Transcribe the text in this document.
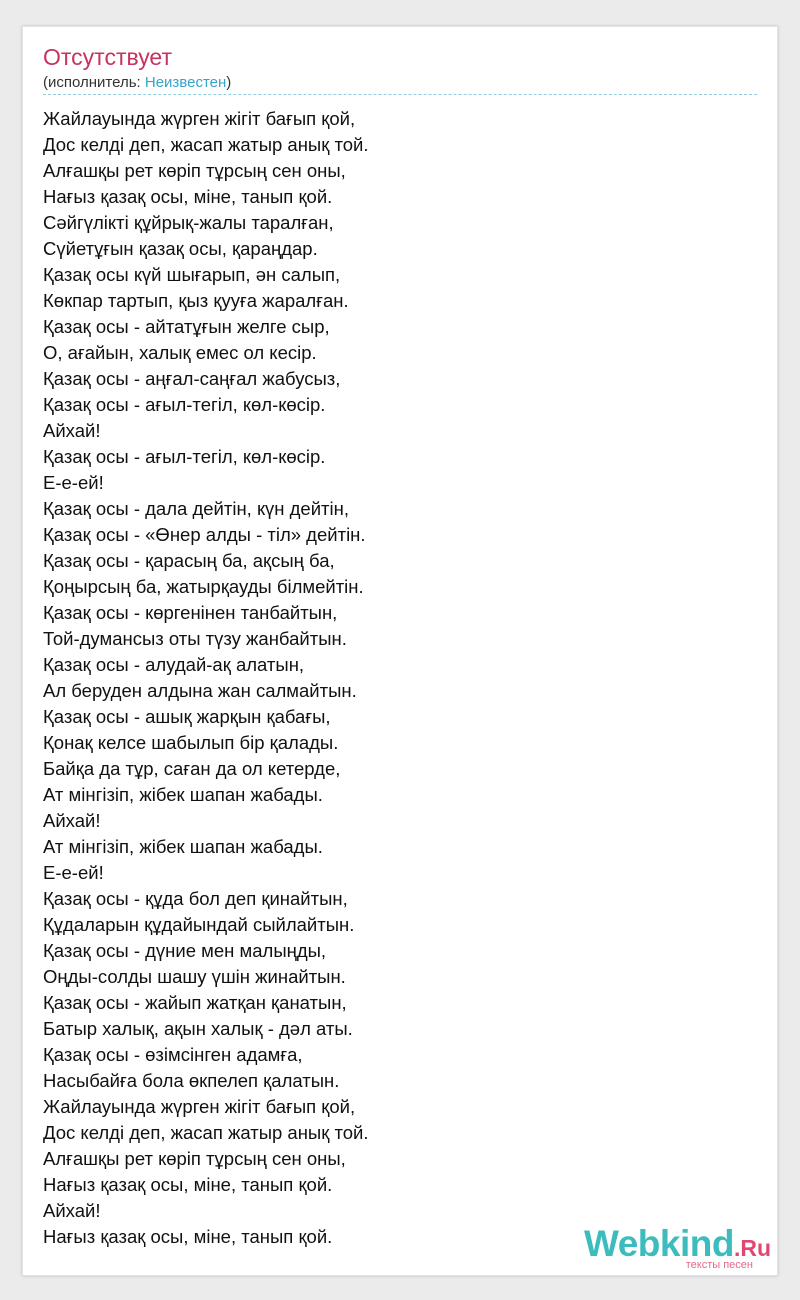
Отсутствует
(исполнитель: Неизвестен)
Жайлауында жүрген жігіт бағып қой,
Дос келді деп, жасап жатыр анық той.
Алғашқы рет көріп тұрсың сен оны,
Нағыз қазақ осы, міне, танып қой.
Сәйгүлікті құйрық-жалы таралған,
Сүйетұғын қазақ осы, қараңдар.
Қазақ осы күй шығарып, ән салып,
Көкпар тартып, қыз қууға жаралған.
Қазақ осы - айтатұғын желге сыр,
О, ағайын, халық емес ол кесір.
Қазақ осы - аңғал-саңғал жабусыз,
Қазақ осы - ағыл-тегіл, көл-көсір.
Айхай!
Қазақ осы - ағыл-тегіл, көл-көсір.
Е-е-ей!
Қазақ осы - дала дейтін, күн дейтін,
Қазақ осы - «Өнер алды - тіл» дейтін.
Қазақ осы - қарасың ба, ақсың ба,
Қоңырсың ба, жатырқауды білмейтін.
Қазақ осы - көргенінен танбайтын,
Той-думансыз оты түзу жанбайтын.
Қазақ осы - алудай-ақ алатын,
Ал беруден алдына жан салмайтын.
Қазақ осы - ашық жарқын қабағы,
Қонақ келсе шабылып бір қалады.
Байқа да тұр, саған да ол кетерде,
Ат мінгізіп, жібек шапан жабады.
Айхай!
Ат мінгізіп, жібек шапан жабады.
Е-е-ей!
Қазақ осы - құда бол деп қинайтын,
Құдаларын құдайындай сыйлайтын.
Қазақ осы - дүние мен малыңды,
Оңды-солды шашу үшін жинайтын.
Қазақ осы - жайып жатқан қанатын,
Батыр халық, ақын халық - дәл аты.
Қазақ осы - өзімсінген адамға,
Насыбайға бола өкпелеп қалатын.
Жайлауында жүрген жігіт бағып қой,
Дос келді деп, жасап жатыр анық той.
Алғашқы рет көріп тұрсың сен оны,
Нағыз қазақ осы, міне, танып қой.
Айхай!
Нағыз қазақ осы, міне, танып қой.	Webkind.Ru
тексты песен
